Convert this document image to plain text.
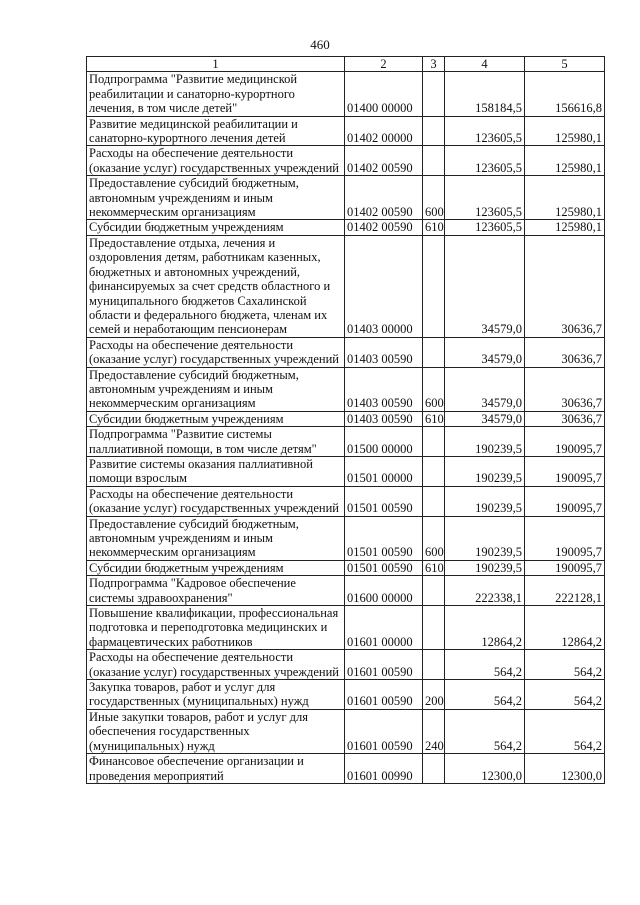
460
1	2	3	4	5
Подпрограмма "Развитие медицинской реабилитации и санаторно-курортного лечения, в том числе детей"	01400 00000		158184,5	156616,8
Развитие медицинской реабилитации и санаторно-курортного лечения детей	01402 00000		123605,5	125980,1
Расходы на обеспечение деятельности (оказание услуг) государственных учреждений	01402 00590		123605,5	125980,1
Предоставление субсидий бюджетным, автономным учреждениям и иным некоммерческим организациям	01402 00590	600	123605,5	125980,1
Субсидии бюджетным учреждениям	01402 00590	610	123605,5	125980,1
Предоставление отдыха, лечения и оздоровления детям, работникам казенных, бюджетных и автономных учреждений, финансируемых за счет средств областного и муниципального бюджетов Сахалинской области и федерального бюджета, членам их семей и неработающим пенсионерам	01403 00000		34579,0	30636,7
Расходы на обеспечение деятельности (оказание услуг) государственных учреждений	01403 00590		34579,0	30636,7
Предоставление субсидий бюджетным, автономным учреждениям и иным некоммерческим организациям	01403 00590	600	34579,0	30636,7
Субсидии бюджетным учреждениям	01403 00590	610	34579,0	30636,7
Подпрограмма "Развитие системы паллиативной помощи, в том числе детям"	01500 00000		190239,5	190095,7
Развитие системы оказания паллиативной помощи взрослым	01501 00000		190239,5	190095,7
Расходы на обеспечение деятельности (оказание услуг) государственных учреждений	01501 00590		190239,5	190095,7
Предоставление субсидий бюджетным, автономным учреждениям и иным некоммерческим организациям	01501 00590	600	190239,5	190095,7
Субсидии бюджетным учреждениям	01501 00590	610	190239,5	190095,7
Подпрограмма "Кадровое обеспечение системы здравоохранения"	01600 00000		222338,1	222128,1
Повышение квалификации, профессиональная подготовка и переподготовка медицинских и фармацевтических работников	01601 00000		12864,2	12864,2
Расходы на обеспечение деятельности (оказание услуг) государственных учреждений	01601 00590		564,2	564,2
Закупка товаров, работ и услуг для государственных (муниципальных) нужд	01601 00590	200	564,2	564,2
Иные закупки товаров, работ и услуг для обеспечения государственных (муниципальных) нужд	01601 00590	240	564,2	564,2
Финансовое обеспечение организации и проведения мероприятий	01601 00990		12300,0	12300,0
